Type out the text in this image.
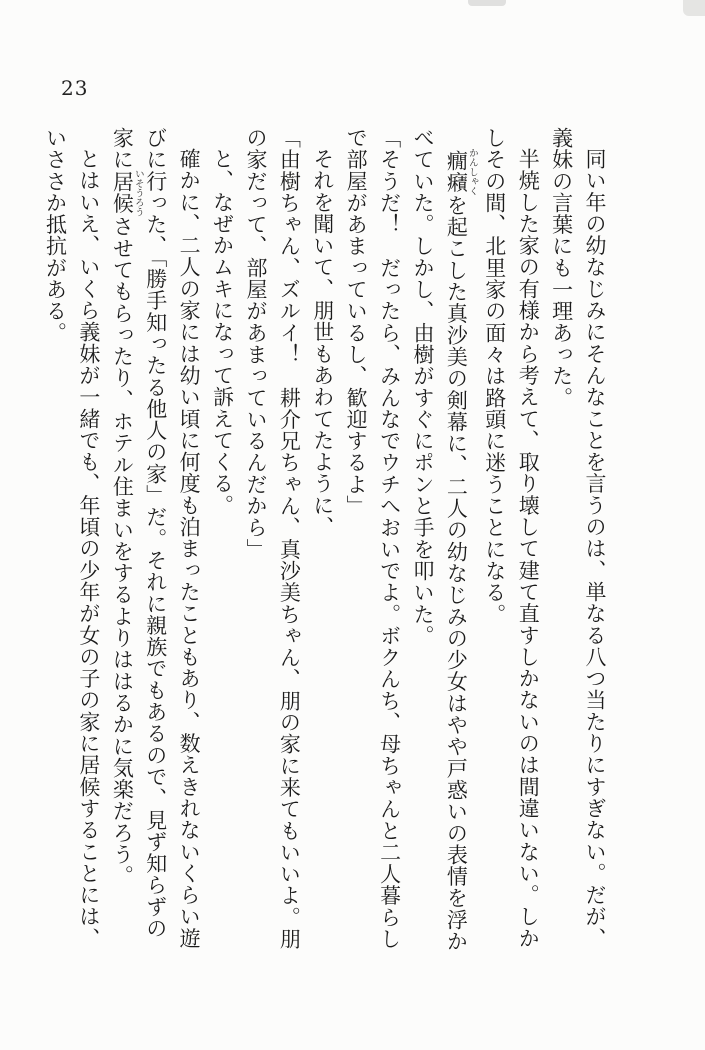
23

同い年の幼なじみにそんなことを言うのは、単なる八つ当たりにすぎない。だが、義妹の言葉にも一理あった。

半焼した家の有様から考えて、取り壊して建て直すしかないのは間違いない。しかしその間、北里家の面々は路頭に迷うことになる。

癇癪かんしゃくを起こした真沙美の剣幕に、二人の幼なじみの少女はやや戸惑いの表情を浮かべていた。しかし、由樹がすぐにポンと手を叩いた。

「そうだ！　だったら、みんなでウチへおいでよ。ボクんち、母ちゃんと二人暮らしで部屋があまっているし、歓迎するよ」

それを聞いて、朋世もあわてたように、

「由樹ちゃん、ズルイ！　耕介兄ちゃん、真沙美ちゃん、朋の家に来てもいいよ。朋の家だって、部屋があまっているんだから」

と、なぜかムキになって訴えてくる。

確かに、二人の家には幼い頃に何度も泊まったこともあり、数えきれないくらい遊びに行った、「勝手知ったる他人の家」だ。それに親族でもあるので、見ず知らずの家に居候いそうろうさせてもらったり、ホテル住まいをするよりははるかに気楽だろう。

とはいえ、いくら義妹が一緒でも、年頃の少年が女の子の家に居候することには、いささか抵抗がある。
